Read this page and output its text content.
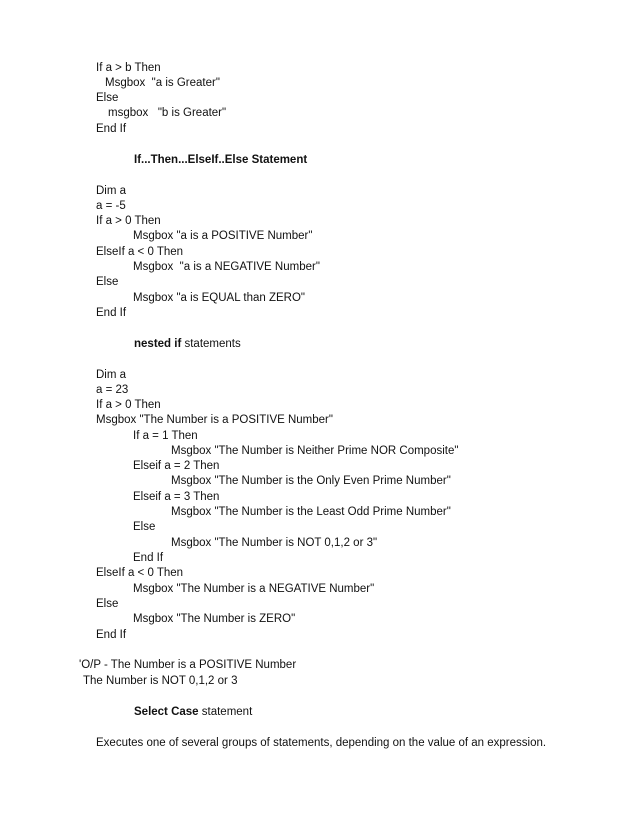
If a > b Then
Msgbox  "a is Greater"
Else
msgbox   "b is Greater"
End If
If...Then...ElseIf..Else Statement
Dim a
a = -5
If a > 0 Then
Msgbox "a is a POSITIVE Number"
ElseIf a < 0 Then
Msgbox  "a is a NEGATIVE Number"
Else
Msgbox "a is EQUAL than ZERO"
End If
nested if statements
Dim a
a = 23
If a > 0 Then
Msgbox "The Number is a POSITIVE Number"
If a = 1 Then
Msgbox "The Number is Neither Prime NOR Composite"
Elseif a = 2 Then
Msgbox "The Number is the Only Even Prime Number"
Elseif a = 3 Then
Msgbox "The Number is the Least Odd Prime Number"
Else
Msgbox "The Number is NOT 0,1,2 or 3"
End If
ElseIf a < 0 Then
Msgbox "The Number is a NEGATIVE Number"
Else
Msgbox "The Number is ZERO"
End If
'O/P - The Number is a POSITIVE Number
The Number is NOT 0,1,2 or 3
Select Case statement
Executes one of several groups of statements, depending on the value of an expression.
